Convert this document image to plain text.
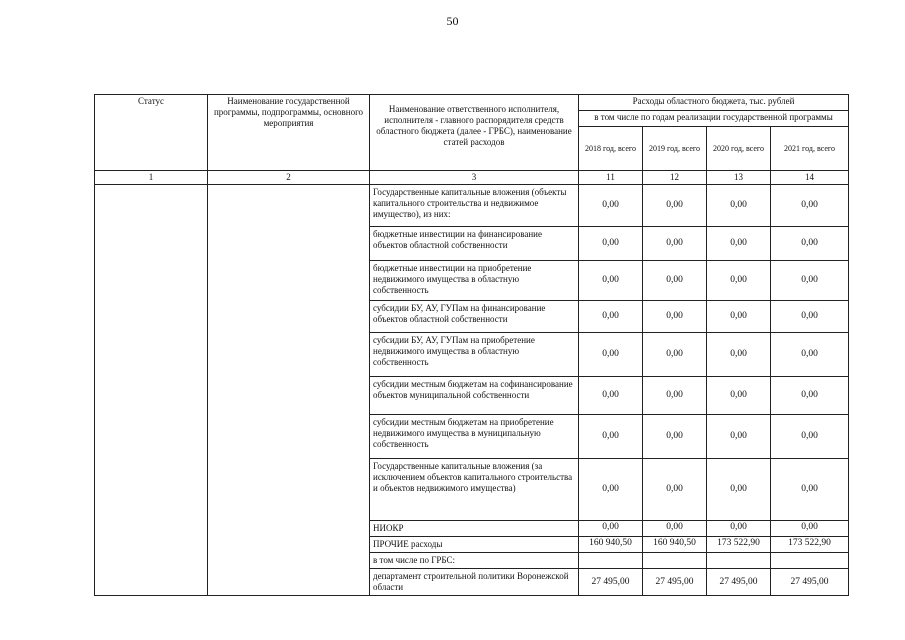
50
Статус	Наименование государственной программы, подпрограммы, основного мероприятия	Наименование ответственного исполнителя, исполнителя - главного распорядителя средств областного бюджета (далее - ГРБС), наименование статей расходов	Расходы областного бюджета, тыс. рублей			
			в том числе по годам реализации государственной программы			
			2018 год, всего	2019 год, всего	2020 год, всего	2021 год, всего
1	2	3	11	12	13	14
		Государственные капитальные вложения (объекты капитального строительства и недвижимое имущество), из них:	0,00	0,00	0,00	0,00
		бюджетные инвестиции на финансирование объектов областной собственности	0,00	0,00	0,00	0,00
		бюджетные инвестиции на приобретение недвижимого имущества в областную собственность	0,00	0,00	0,00	0,00
		субсидии БУ, АУ, ГУПам на финансирование объектов областной собственности	0,00	0,00	0,00	0,00
		субсидии БУ, АУ, ГУПам на приобретение недвижимого имущества в областную собственность	0,00	0,00	0,00	0,00
		субсидии местным бюджетам на софинансирование объектов муниципальной собственности	0,00	0,00	0,00	0,00
		субсидии местным бюджетам на приобретение недвижимого имущества в муниципальную собственность	0,00	0,00	0,00	0,00
		Государственные капитальные вложения (за исключением объектов капитального строительства и объектов недвижимого имущества)	0,00	0,00	0,00	0,00
		НИОКР	0,00	0,00	0,00	0,00
		ПРОЧИЕ расходы	160 940,50	160 940,50	173 522,90	173 522,90
		в том числе по ГРБС:				
		департамент строительной политики Воронежской области	27 495,00	27 495,00	27 495,00	27 495,00
